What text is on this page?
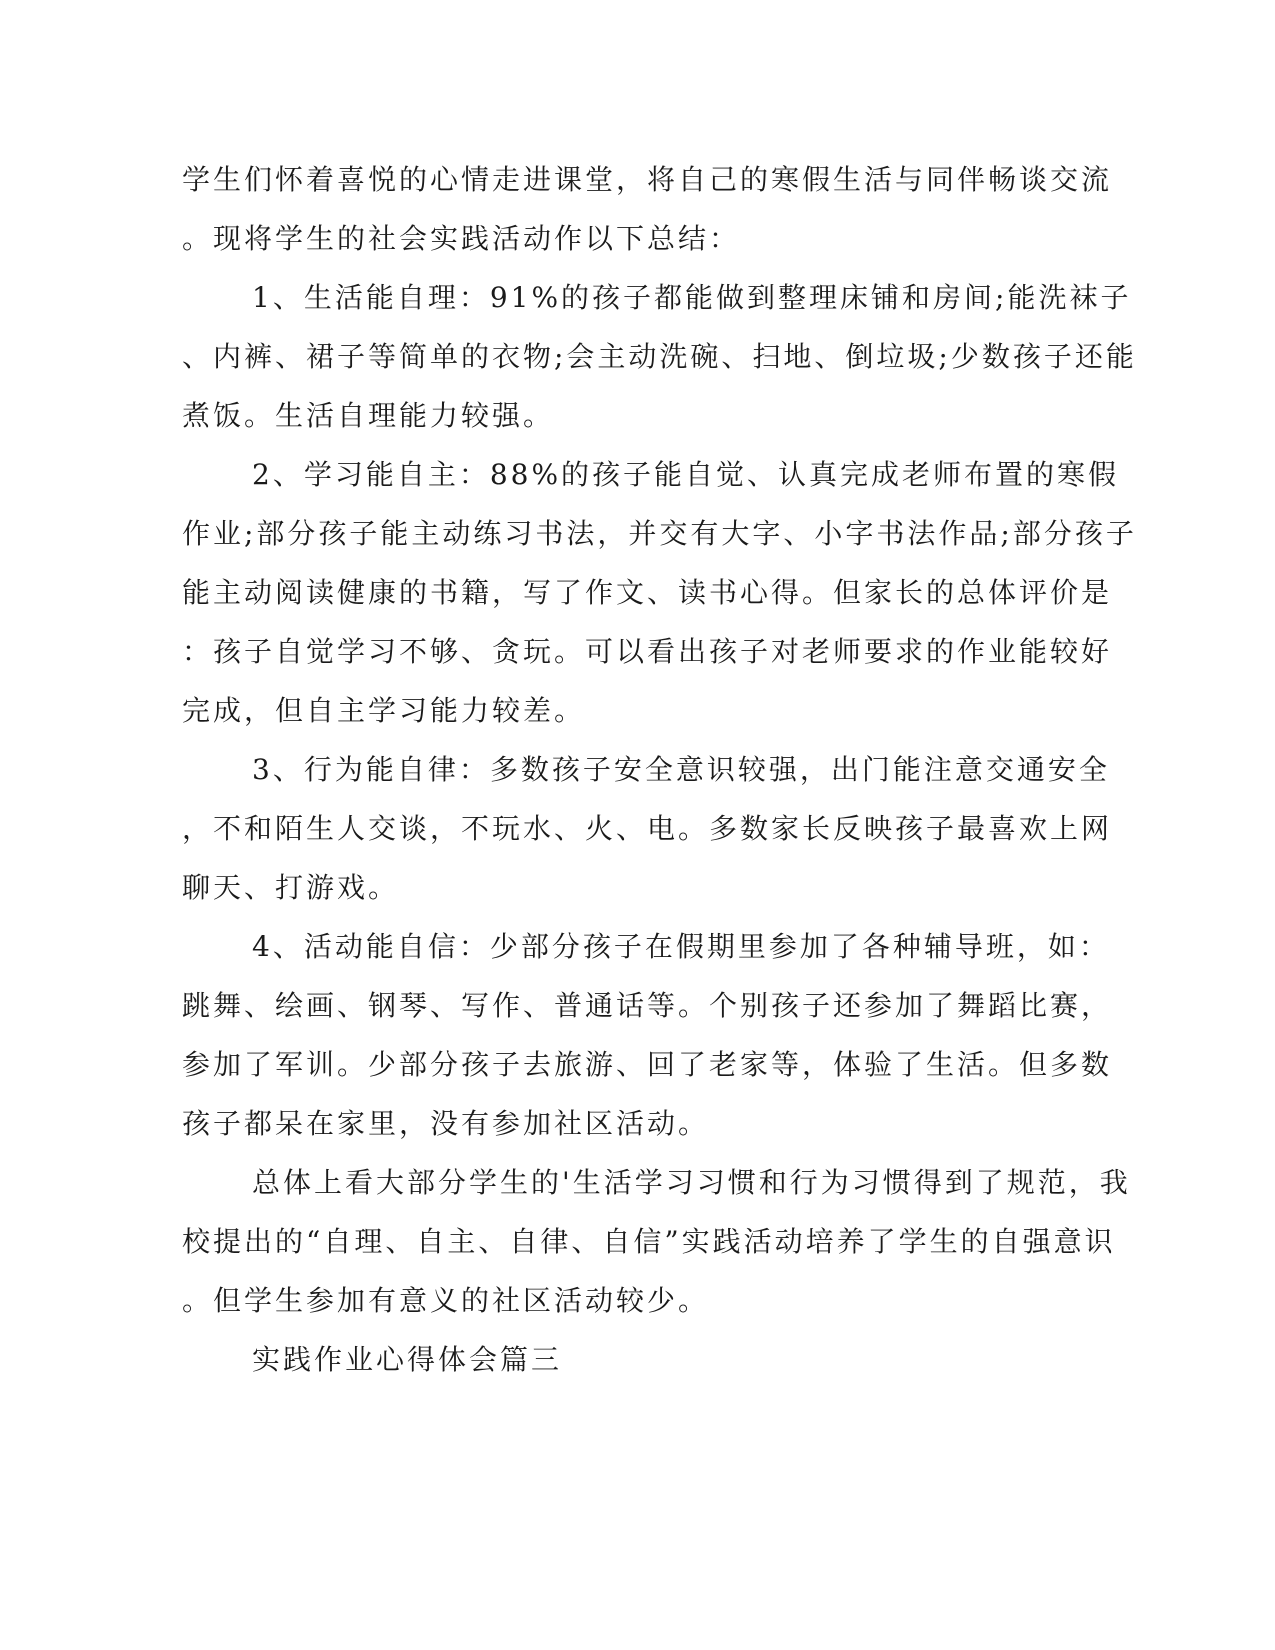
学生们怀着喜悦的心情走进课堂，将自己的寒假生活与同伴畅谈交流
。现将学生的社会实践活动作以下总结：
1、生活能自理：91%的孩子都能做到整理床铺和房间;能洗袜子
、内裤、裙子等简单的衣物;会主动洗碗、扫地、倒垃圾;少数孩子还能
煮饭。生活自理能力较强。
2、学习能自主：88%的孩子能自觉、认真完成老师布置的寒假
作业;部分孩子能主动练习书法，并交有大字、小字书法作品;部分孩子
能主动阅读健康的书籍，写了作文、读书心得。但家长的总体评价是
：孩子自觉学习不够、贪玩。可以看出孩子对老师要求的作业能较好
完成，但自主学习能力较差。
3、行为能自律：多数孩子安全意识较强，出门能注意交通安全
，不和陌生人交谈，不玩水、火、电。多数家长反映孩子最喜欢上网
聊天、打游戏。
4、活动能自信：少部分孩子在假期里参加了各种辅导班，如：
跳舞、绘画、钢琴、写作、普通话等。个别孩子还参加了舞蹈比赛，
参加了军训。少部分孩子去旅游、回了老家等，体验了生活。但多数
孩子都呆在家里，没有参加社区活动。
总体上看大部分学生的'生活学习习惯和行为习惯得到了规范，我
校提出的“自理、自主、自律、自信”实践活动培养了学生的自强意识
。但学生参加有意义的社区活动较少。
实践作业心得体会篇三
